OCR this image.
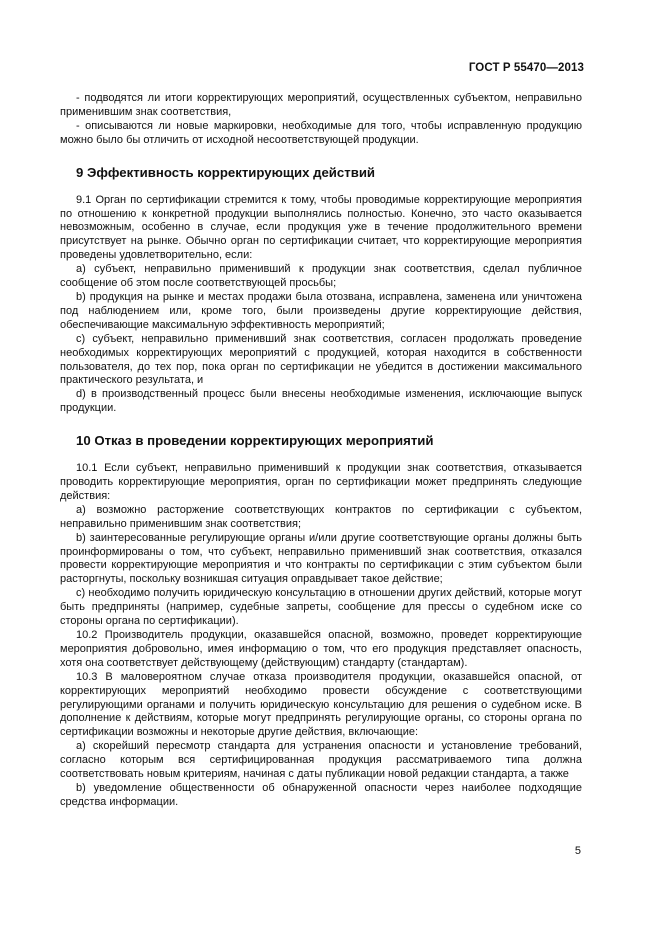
ГОСТ Р 55470—2013

- подводятся ли итоги корректирующих мероприятий, осуществленных субъектом, неправильно применившим знак соответствия,

- описываются ли новые маркировки, необходимые для того, чтобы исправленную продукцию можно было бы отличить от исходной несоответствующей продукции.

9 Эффективность корректирующих действий

9.1 Орган по сертификации стремится к тому, чтобы проводимые корректирующие мероприятия по отношению к конкретной продукции выполнялись полностью. Конечно, это часто оказывается невозможным, особенно в случае, если продукция уже в течение продолжительного времени присутствует на рынке. Обычно орган по сертификации считает, что корректирующие мероприятия проведены удовлетворительно, если:

а) субъект, неправильно применивший к продукции знак соответствия, сделал публичное сообщение об этом после соответствующей просьбы;

b) продукция на рынке и местах продажи была отозвана, исправлена, заменена или уничтожена под наблюдением или, кроме того, были произведены другие корректирующие действия, обеспечивающие максимальную эффективность мероприятий;

c) субъект, неправильно применивший знак соответствия, согласен продолжать проведение необходимых корректирующих мероприятий с продукцией, которая находится в собственности пользователя, до тех пор, пока орган по сертификации не убедится в достижении максимального практического результата, и

d) в производственный процесс были внесены необходимые изменения, исключающие выпуск продукции.

10 Отказ в проведении корректирующих мероприятий

10.1 Если субъект, неправильно применивший к продукции знак соответствия, отказывается проводить корректирующие мероприятия, орган по сертификации может предпринять следующие действия:

а) возможно расторжение соответствующих контрактов по сертификации с субъектом, неправильно применившим знак соответствия;

b) заинтересованные регулирующие органы и/или другие соответствующие органы должны быть проинформированы о том, что субъект, неправильно применивший знак соответствия, отказался провести корректирующие мероприятия и что контракты по сертификации с этим субъектом были расторгнуты, поскольку возникшая ситуация оправдывает такое действие;

c) необходимо получить юридическую консультацию в отношении других действий, которые могут быть предприняты (например, судебные запреты, сообщение для прессы о судебном иске со стороны органа по сертификации).

10.2 Производитель продукции, оказавшейся опасной, возможно, проведет корректирующие мероприятия добровольно, имея информацию о том, что его продукция представляет опасность, хотя она соответствует действующему (действующим) стандарту (стандартам).

10.3 В маловероятном случае отказа производителя продукции, оказавшейся опасной, от корректирующих мероприятий необходимо провести обсуждение с соответствующими регулирующими органами и получить юридическую консультацию для решения о судебном иске. В дополнение к действиям, которые могут предпринять регулирующие органы, со стороны органа по сертификации возможны и некоторые другие действия, включающие:

а) скорейший пересмотр стандарта для устранения опасности и установление требований, согласно которым вся сертифицированная продукция рассматриваемого типа должна соответствовать новым критериям, начиная с даты публикации новой редакции стандарта, а также

b) уведомление общественности об обнаруженной опасности через наиболее подходящие средства информации.

5
